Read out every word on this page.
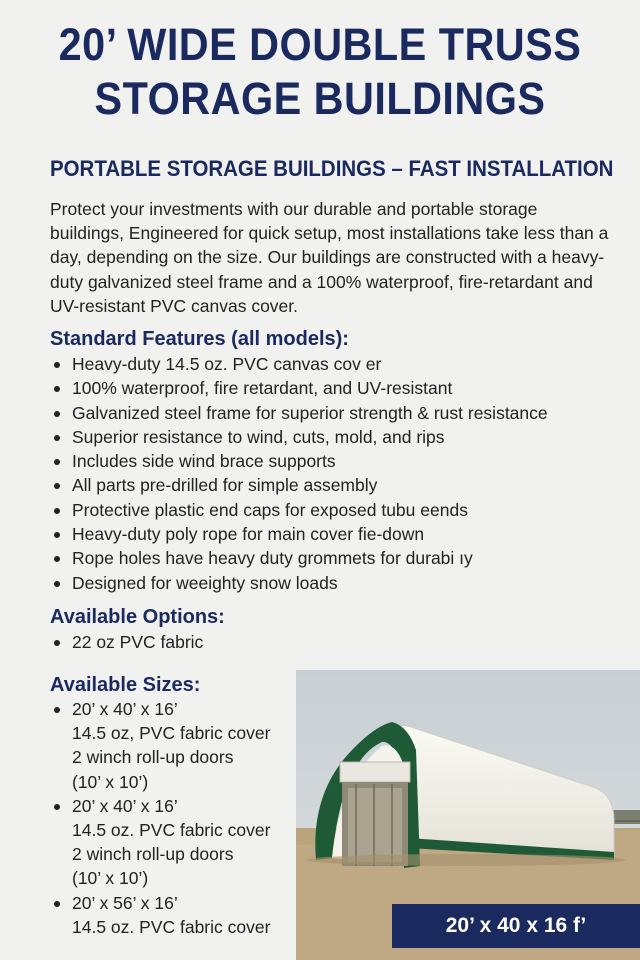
20’ WIDE DOUBLE TRUSS
STORAGE BUILDINGS
PORTABLE STORAGE BUILDINGS – FAST INSTALLATION
Protect your investments with our durable and portable storage buildings, Engineered for quick setup, most installations take less than a day, depending on the size. Our buildings are constructed with a heavy-duty galvanized steel frame and a 100% waterproof, fire-retardant and UV-resistant PVC canvas cover.
Standard Features (all models):
Heavy-duty 14.5 oz. PVC canvas cov er
100% waterproof, fire retardant, and UV-resistant
Galvanized steel frame for superior strength & rust resistance
Superior resistance to wind, cuts, mold, and rips
Includes side wind brace supports
All parts pre-drilled for simple assembly
Protective plastic end caps for exposed tubu eends
Heavy-duty poly rope for main cover fie-down
Rope holes have heavy duty grommets for durabi ıy
Designed for weeighty snow loads
Available Options:
22 oz PVC fabric
Available Sizes:
20’ x 40’ x 16’
14.5 oz, PVC fabric cover
2 winch roll-up doors
(10’ x 10’)
20’ x 40’ x 16’
14.5 oz. PVC fabric cover
2 winch roll-up doors
(10’ x 10’)
20’ x 56’ x 16’
14.5 oz. PVC fabric cover	20’ x 40 x 16 f’
